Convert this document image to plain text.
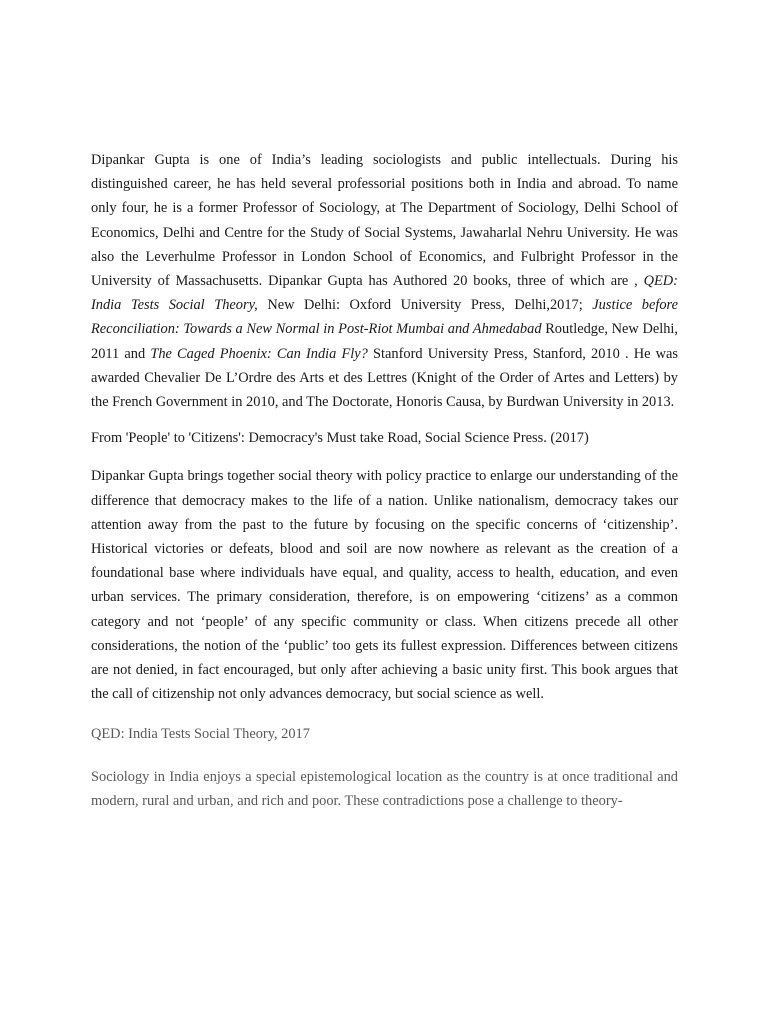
Dipankar Gupta is one of India’s leading sociologists and public intellectuals. During his distinguished career, he has held several professorial positions both in India and abroad. To name only four, he is a former Professor of Sociology, at The Department of Sociology, Delhi School of Economics, Delhi and Centre for the Study of Social Systems, Jawaharlal Nehru University. He was also the Leverhulme Professor in London School of Economics, and Fulbright Professor in the University of Massachusetts. Dipankar Gupta has Authored 20 books, three of which are , QED: India Tests Social Theory, New Delhi: Oxford University Press, Delhi,2017; Justice before Reconciliation: Towards a New Normal in Post-Riot Mumbai and Ahmedabad Routledge, New Delhi, 2011 and The Caged Phoenix: Can India Fly? Stanford University Press, Stanford, 2010 . He was awarded Chevalier De L’Ordre des Arts et des Lettres (Knight of the Order of Artes and Letters) by the French Government in 2010, and The Doctorate, Honoris Causa, by Burdwan University in 2013.

From 'People' to 'Citizens': Democracy's Must take Road, Social Science Press. (2017)

Dipankar Gupta brings together social theory with policy practice to enlarge our understanding of the difference that democracy makes to the life of a nation. Unlike nationalism, democracy takes our attention away from the past to the future by focusing on the specific concerns of ‘citizenship’. Historical victories or defeats, blood and soil are now nowhere as relevant as the creation of a foundational base where individuals have equal, and quality, access to health, education, and even urban services. The primary consideration, therefore, is on empowering ‘citizens’ as a common category and not ‘people’ of any specific community or class. When citizens precede all other considerations, the notion of the ‘public’ too gets its fullest expression. Differences between citizens are not denied, in fact encouraged, but only after achieving a basic unity first. This book argues that the call of citizenship not only advances democracy, but social science as well.

QED: India Tests Social Theory, 2017

Sociology in India enjoys a special epistemological location as the country is at once traditional and modern, rural and urban, and rich and poor. These contradictions pose a challenge to theory-
